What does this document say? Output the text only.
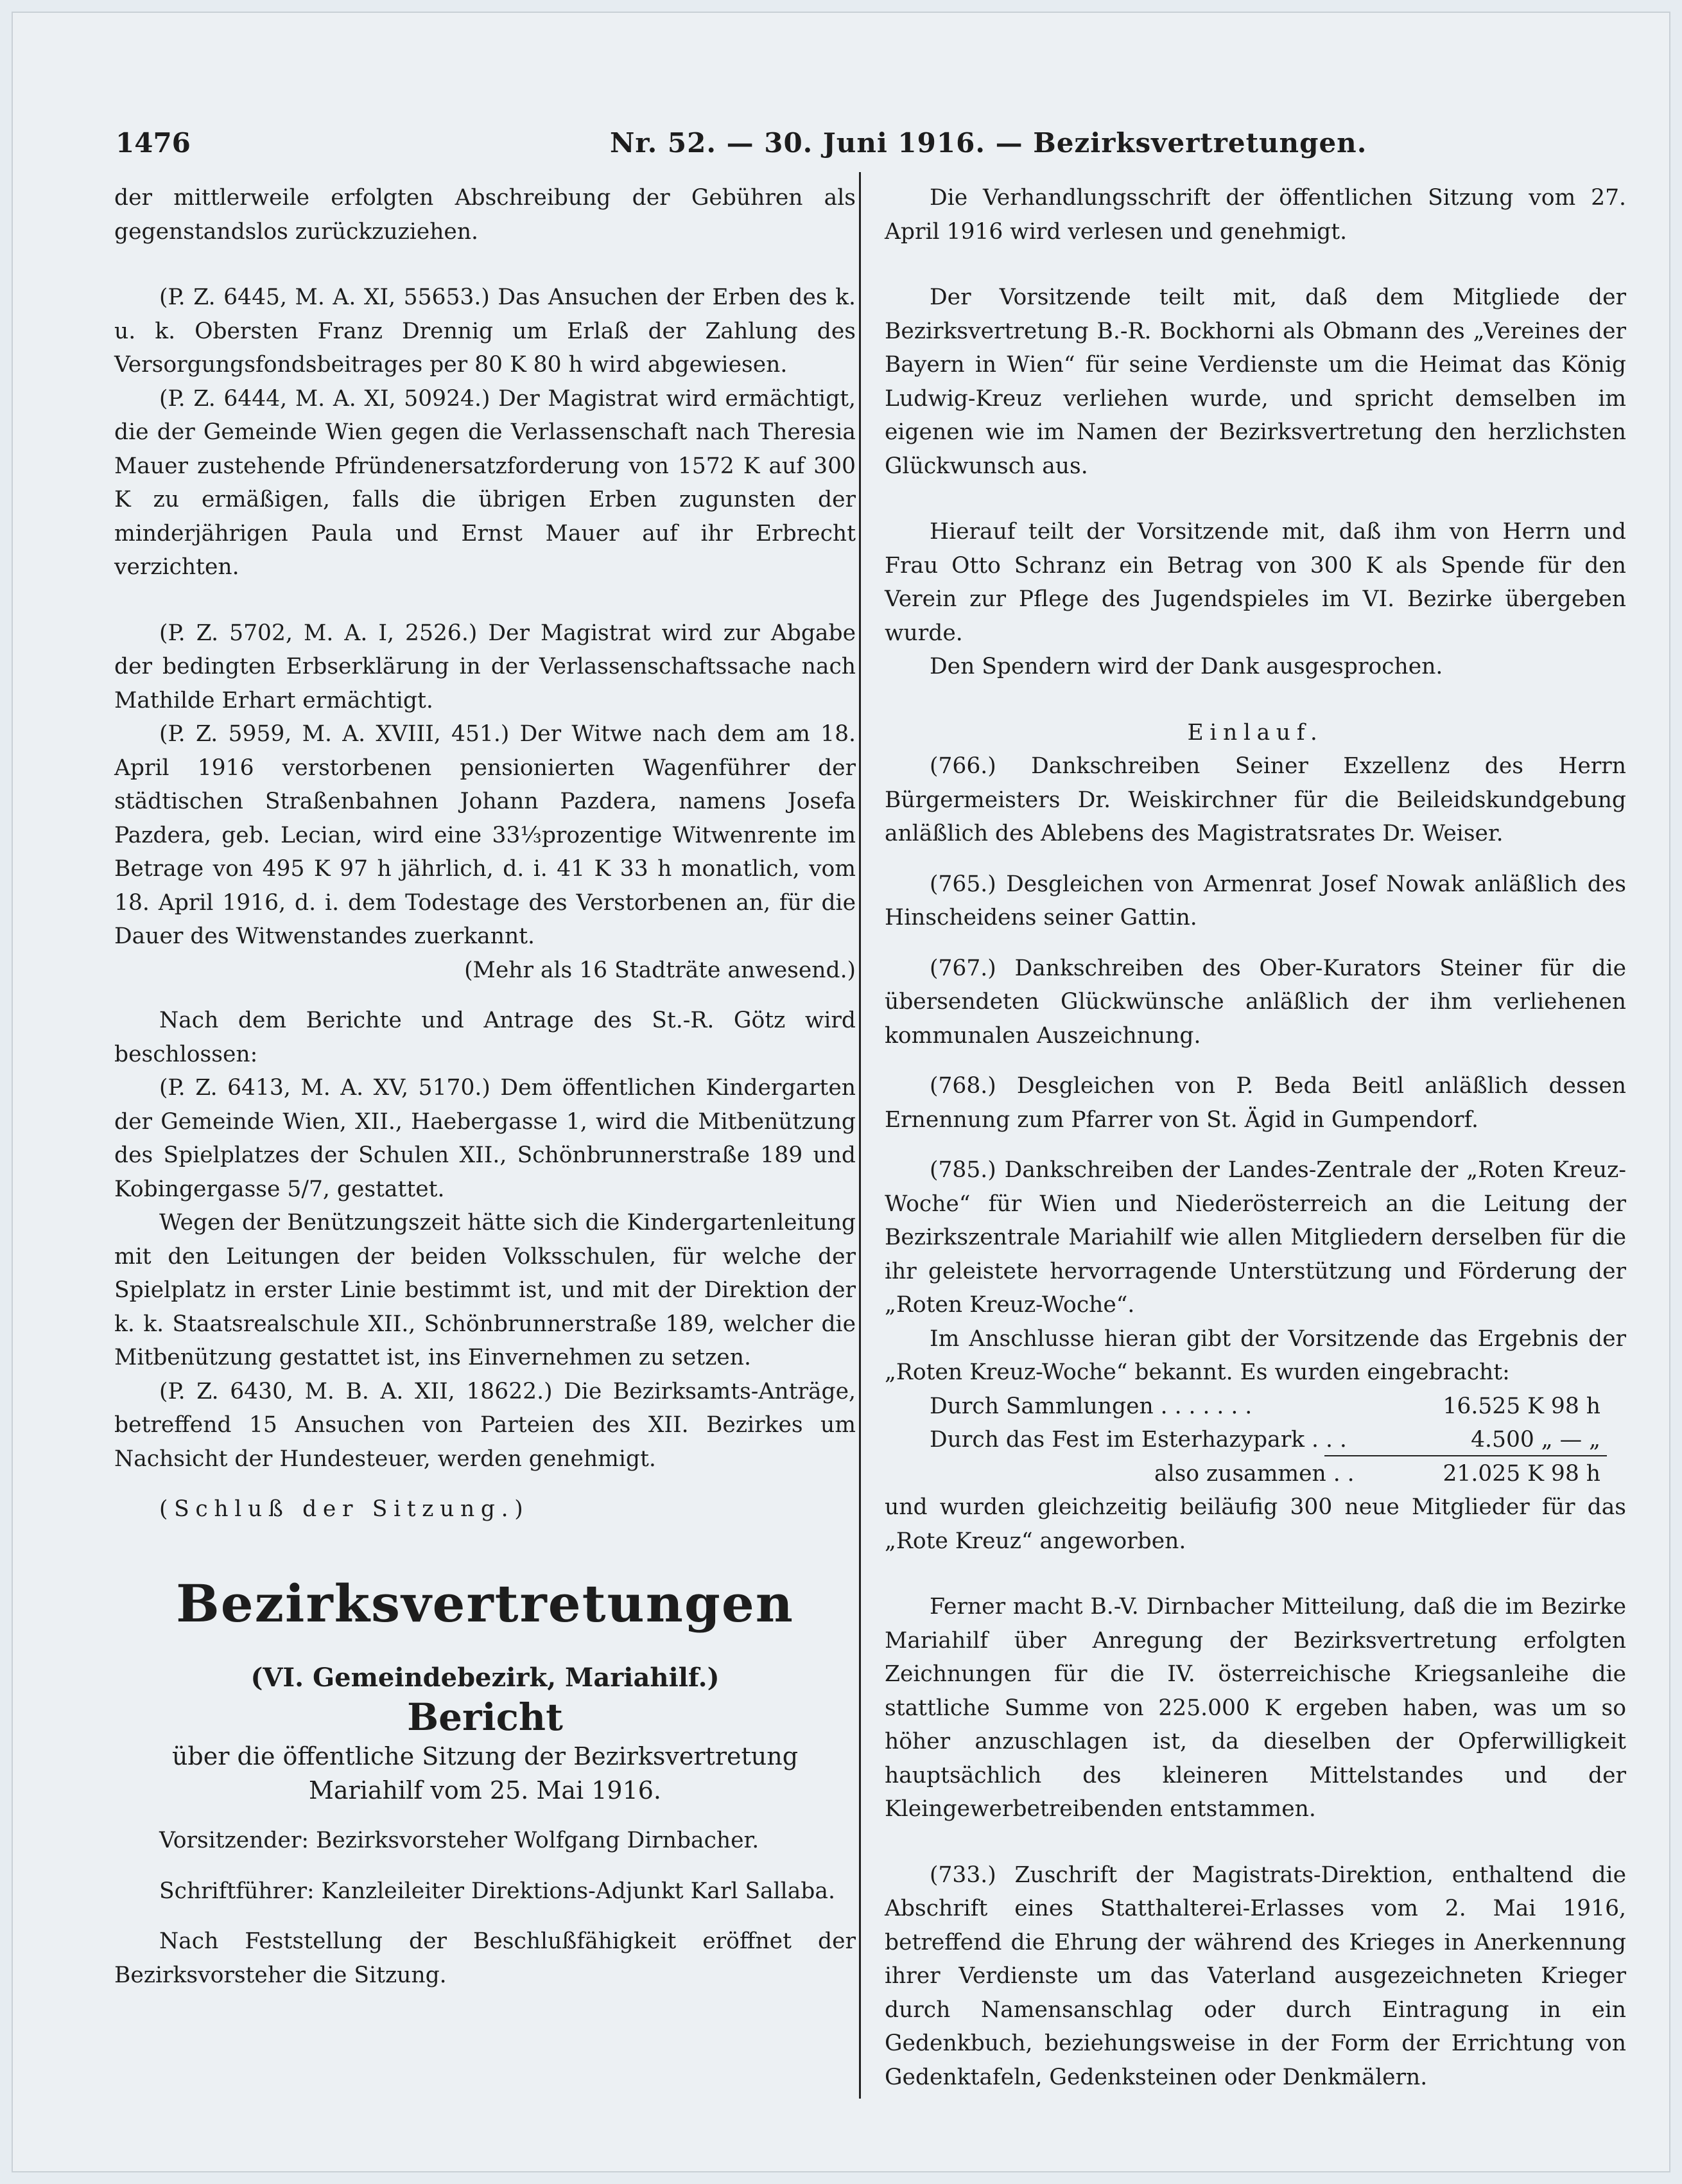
1476	Nr. 52. — 30. Juni 1916. — Bezirksvertretungen.

der mittlerweile erfolgten Abschreibung der Gebühren als gegenstandslos zurückzuziehen.

(P. Z. 6445, M. A. XI, 55653.) Das Ansuchen der Erben des k. u. k. Obersten Franz Drennig um Erlaß der Zahlung des Versorgungsfondsbeitrages per 80 K 80 h wird abgewiesen.

(P. Z. 6444, M. A. XI, 50924.) Der Magistrat wird ermächtigt, die der Gemeinde Wien gegen die Verlassenschaft nach Theresia Mauer zustehende Pfründenersatzforderung von 1572 K auf 300 K zu ermäßigen, falls die übrigen Erben zugunsten der minderjährigen Paula und Ernst Mauer auf ihr Erbrecht verzichten.

(P. Z. 5702, M. A. I, 2526.) Der Magistrat wird zur Abgabe der bedingten Erbserklärung in der Verlassenschaftssache nach Mathilde Erhart ermächtigt.

(P. Z. 5959, M. A. XVIII, 451.) Der Witwe nach dem am 18. April 1916 verstorbenen pensionierten Wagenführer der städtischen Straßenbahnen Johann Pazdera, namens Josefa Pazdera, geb. Lecian, wird eine 33⅓prozentige Witwenrente im Betrage von 495 K 97 h jährlich, d. i. 41 K 33 h monatlich, vom 18. April 1916, d. i. dem Todestage des Verstorbenen an, für die Dauer des Witwenstandes zuerkannt.

(Mehr als 16 Stadträte anwesend.)

Nach dem Berichte und Antrage des St.-R. Götz wird beschlossen:

(P. Z. 6413, M. A. XV, 5170.) Dem öffentlichen Kindergarten der Gemeinde Wien, XII., Haebergasse 1, wird die Mitbenützung des Spielplatzes der Schulen XII., Schönbrunnerstraße 189 und Kobingergasse 5/7, gestattet.

Wegen der Benützungszeit hätte sich die Kindergartenleitung mit den Leitungen der beiden Volksschulen, für welche der Spielplatz in erster Linie bestimmt ist, und mit der Direktion der k. k. Staatsrealschule XII., Schönbrunnerstraße 189, welcher die Mitbenützung gestattet ist, ins Einvernehmen zu setzen.

(P. Z. 6430, M. B. A. XII, 18622.) Die Bezirksamts-Anträge, betreffend 15 Ansuchen von Parteien des XII. Bezirkes um Nachsicht der Hundesteuer, werden genehmigt.

(Schluß der Sitzung.)

Bezirksvertretungen
(VI. Gemeindebezirk, Mariahilf.)
Bericht

über die öffentliche Sitzung der Bezirksvertretung

Mariahilf vom 25. Mai 1916.

Vorsitzender: Bezirksvorsteher Wolfgang Dirnbacher.

Schriftführer: Kanzleileiter Direktions-Adjunkt Karl Sallaba.

Nach Feststellung der Beschlußfähigkeit eröffnet der Bezirksvorsteher die Sitzung.

Die Verhandlungsschrift der öffentlichen Sitzung vom 27. April 1916 wird verlesen und genehmigt.

Der Vorsitzende teilt mit, daß dem Mitgliede der Bezirksvertretung B.-R. Bockhorni als Obmann des „Vereines der Bayern in Wien“ für seine Verdienste um die Heimat das König Ludwig-Kreuz verliehen wurde, und spricht demselben im eigenen wie im Namen der Bezirksvertretung den herzlichsten Glückwunsch aus.

Hierauf teilt der Vorsitzende mit, daß ihm von Herrn und Frau Otto Schranz ein Betrag von 300 K als Spende für den Verein zur Pflege des Jugendspieles im VI. Bezirke übergeben wurde.

Den Spendern wird der Dank ausgesprochen.

Einlauf.

(766.) Dankschreiben Seiner Exzellenz des Herrn Bürgermeisters Dr. Weiskirchner für die Beileidskundgebung anläßlich des Ablebens des Magistratsrates Dr. Weiser.

(765.) Desgleichen von Armenrat Josef Nowak anläßlich des Hinscheidens seiner Gattin.

(767.) Dankschreiben des Ober-Kurators Steiner für die übersendeten Glückwünsche anläßlich der ihm verliehenen kommunalen Auszeichnung.

(768.) Desgleichen von P. Beda Beitl anläßlich dessen Ernennung zum Pfarrer von St. Ägid in Gumpendorf.

(785.) Dankschreiben der Landes-Zentrale der „Roten Kreuz-Woche“ für Wien und Niederösterreich an die Leitung der Bezirkszentrale Mariahilf wie allen Mitgliedern derselben für die ihr geleistete hervorragende Unterstützung und Förderung der „Roten Kreuz-Woche“.

Im Anschlusse hieran gibt der Vorsitzende das Ergebnis der „Roten Kreuz-Woche“ bekannt. Es wurden eingebracht:

Durch Sammlungen . . . . . . .	16.525 K 98 h
Durch das Fest im Esterhazypark . . .	4.500 „ — „
also zusammen . .	21.025 K 98 h

und wurden gleichzeitig beiläufig 300 neue Mitglieder für das „Rote Kreuz“ angeworben.

Ferner macht B.-V. Dirnbacher Mitteilung, daß die im Bezirke Mariahilf über Anregung der Bezirksvertretung erfolgten Zeichnungen für die IV. österreichische Kriegsanleihe die stattliche Summe von 225.000 K ergeben haben, was um so höher anzuschlagen ist, da dieselben der Opferwilligkeit hauptsächlich des kleineren Mittelstandes und der Kleingewerbetreibenden entstammen.

(733.) Zuschrift der Magistrats-Direktion, enthaltend die Abschrift eines Statthalterei-Erlasses vom 2. Mai 1916, betreffend die Ehrung der während des Krieges in Anerkennung ihrer Verdienste um das Vaterland ausgezeichneten Krieger durch Namensanschlag oder durch Eintragung in ein Gedenkbuch, beziehungsweise in der Form der Errichtung von Gedenktafeln, Gedenksteinen oder Denkmälern.
